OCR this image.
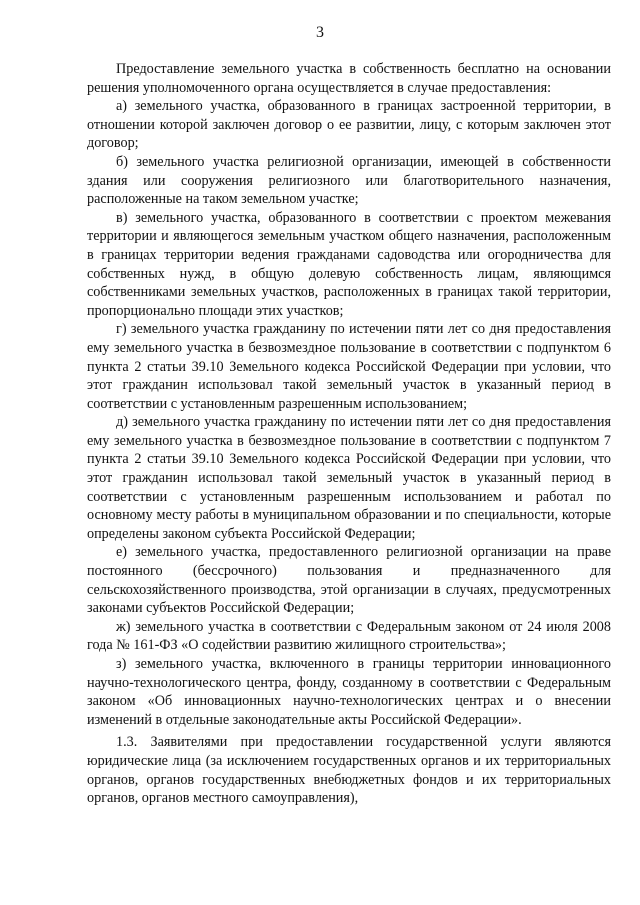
3

Предоставление земельного участка в собственность бесплатно на основании решения уполномоченного органа осуществляется в случае предоставления:

а) земельного участка, образованного в границах застроенной территории, в отношении которой заключен договор о ее развитии, лицу, с которым заключен этот договор;

б) земельного участка религиозной организации, имеющей в собственности здания или сооружения религиозного или благотворительного назначения, расположенные на таком земельном участке;

в) земельного участка, образованного в соответствии с проектом межевания территории и являющегося земельным участком общего назначения, расположенным в границах территории ведения гражданами садоводства или огородничества для собственных нужд, в общую долевую собственность лицам, являющимся собственниками земельных участков, расположенных в границах такой территории, пропорционально площади этих участков;

г) земельного участка гражданину по истечении пяти лет со дня предоставления ему земельного участка в безвозмездное пользование в соответствии с подпунктом 6 пункта 2 статьи 39.10 Земельного кодекса Российской Федерации при условии, что этот гражданин использовал такой земельный участок в указанный период в соответствии с установленным разрешенным использованием;

д) земельного участка гражданину по истечении пяти лет со дня предоставления ему земельного участка в безвозмездное пользование в соответствии с подпунктом 7 пункта 2 статьи 39.10 Земельного кодекса Российской Федерации при условии, что этот гражданин использовал такой земельный участок в указанный период в соответствии с установленным разрешенным использованием и работал по основному месту работы в муниципальном образовании и по специальности, которые определены законом субъекта Российской Федерации;

е) земельного участка, предоставленного религиозной организации на праве постоянного (бессрочного) пользования и предназначенного для сельскохозяйственного производства, этой организации в случаях, предусмотренных законами субъектов Российской Федерации;

ж) земельного участка в соответствии с Федеральным законом от 24 июля 2008 года № 161-ФЗ «О содействии развитию жилищного строительства»;

з) земельного участка, включенного в границы территории инновационного научно-технологического центра, фонду, созданному в соответствии с Федеральным законом «Об инновационных научно-технологических центрах и о внесении изменений в отдельные законодательные акты Российской Федерации».

1.3. Заявителями при предоставлении государственной услуги являются юридические лица (за исключением государственных органов и их территориальных органов, органов государственных внебюджетных фондов и их территориальных органов, органов местного самоуправления),
